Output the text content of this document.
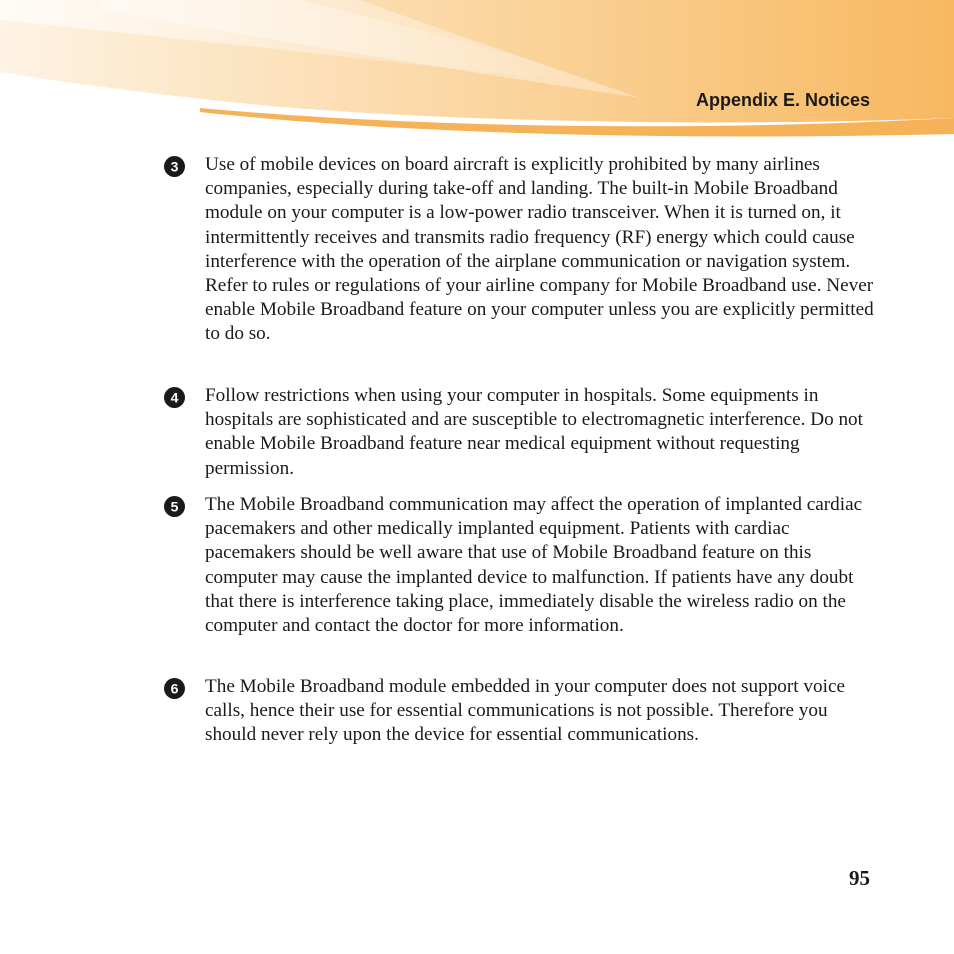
Appendix E. Notices
3 Use of mobile devices on board aircraft is explicitly prohibited by many airlines companies, especially during take-off and landing. The built-in Mobile Broadband module on your computer is a low-power radio transceiver. When it is turned on, it intermittently receives and transmits radio frequency (RF) energy which could cause interference with the operation of the airplane communication or navigation system. Refer to rules or regulations of your airline company for Mobile Broadband use. Never enable Mobile Broadband feature on your computer unless you are explicitly permitted to do so.

4 Follow restrictions when using your computer in hospitals. Some equipments in hospitals are sophisticated and are susceptible to electromagnetic interference. Do not enable Mobile Broadband feature near medical equipment without requesting permission.

5 The Mobile Broadband communication may affect the operation of implanted cardiac pacemakers and other medically implanted equipment. Patients with cardiac pacemakers should be well aware that use of Mobile Broadband feature on this computer may cause the implanted device to malfunction. If patients have any doubt that there is interference taking place, immediately disable the wireless radio on the computer and contact the doctor for more information.

6 The Mobile Broadband module embedded in your computer does not support voice calls, hence their use for essential communications is not possible. Therefore you should never rely upon the device for essential communications.

95
